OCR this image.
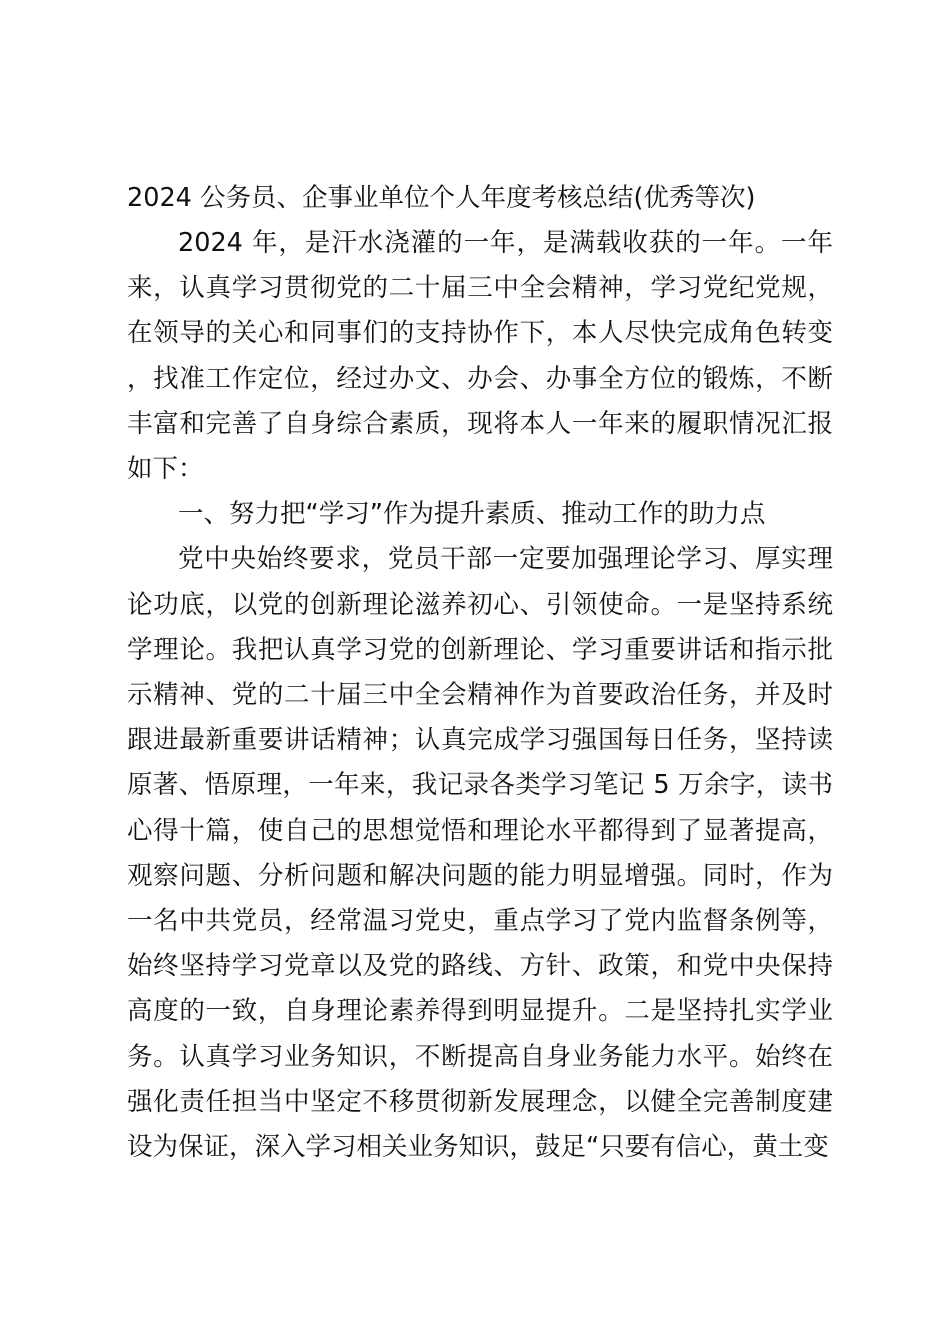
2024 公务员、企事业单位个人年度考核总结(优秀等次)

2024 年，是汗水浇灌的一年，是满载收获的一年。一年来，认真学习贯彻党的二十届三中全会精神，学习党纪党规，在领导的关心和同事们的支持协作下，本人尽快完成角色转变，找准工作定位，经过办文、办会、办事全方位的锻炼，不断丰富和完善了自身综合素质，现将本人一年来的履职情况汇报如下：

一、努力把“学习”作为提升素质、推动工作的助力点

党中央始终要求，党员干部一定要加强理论学习、厚实理论功底，以党的创新理论滋养初心、引领使命。一是坚持系统学理论。我把认真学习党的创新理论、学习重要讲话和指示批示精神、党的二十届三中全会精神作为首要政治任务，并及时跟进最新重要讲话精神；认真完成学习强国每日任务，坚持读原著、悟原理，一年来，我记录各类学习笔记 5 万余字，读书心得十篇，使自己的思想觉悟和理论水平都得到了显著提高，观察问题、分析问题和解决问题的能力明显增强。同时，作为一名中共党员，经常温习党史，重点学习了党内监督条例等，始终坚持学习党章以及党的路线、方针、政策，和党中央保持高度的一致，自身理论素养得到明显提升。二是坚持扎实学业务。认真学习业务知识，不断提高自身业务能力水平。始终在强化责任担当中坚定不移贯彻新发展理念，以健全完善制度建设为保证，深入学习相关业务知识，鼓足“只要有信心，黄土变
